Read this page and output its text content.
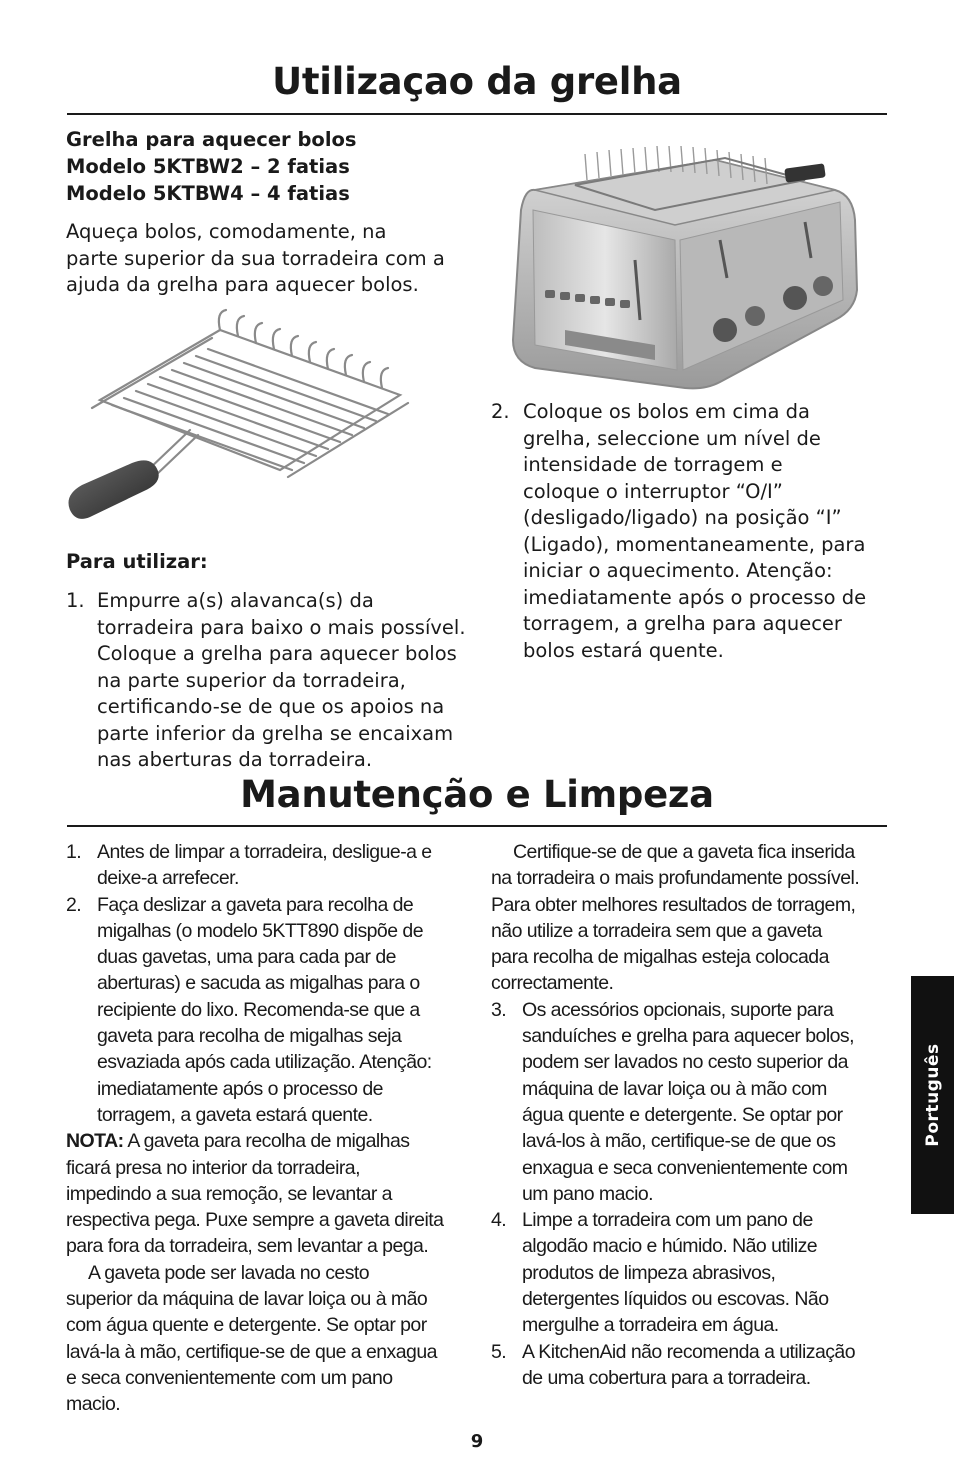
Utilizaçao da grelha
Grelha para aquecer bolos
Modelo 5KTBW2 – 2 fatias
Modelo 5KTBW4 – 4 fatias
Aqueça bolos, comodamente, na
parte superior da sua torradeira com a
ajuda da grelha para aquecer bolos.
Para utilizar:
1. Empurre a(s) alavanca(s) da
torradeira para baixo o mais possível.
Coloque a grelha para aquecer bolos
na parte superior da torradeira,
certificando-se de que os apoios na
parte inferior da grelha se encaixam
nas aberturas da torradeira.
2. Coloque os bolos em cima da
grelha, seleccione um nível de
intensidade de torragem e
coloque o interruptor “O/I”
(desligado/ligado) na posição “I”
(Ligado), momentaneamente, para
iniciar o aquecimento. Atenção:
imediatamente após o processo de
torragem, a grelha para aquecer
bolos estará quente.
Manutenção e Limpeza
1. Antes de limpar a torradeira, desligue-a e
deixe-a arrefecer.
2. Faça deslizar a gaveta para recolha de
migalhas (o modelo 5KTT890 dispõe de
duas gavetas, uma para cada par de
aberturas) e sacuda as migalhas para o
recipiente do lixo. Recomenda-se que a
gaveta para recolha de migalhas seja
esvaziada após cada utilização. Atenção:
imediatamente após o processo de
torragem, a gaveta estará quente.
NOTA: A gaveta para recolha de migalhas
ficará presa no interior da torradeira,
impedindo a sua remoção, se levantar a
respectiva pega. Puxe sempre a gaveta direita
para fora da torradeira, sem levantar a pega.
A gaveta pode ser lavada no cesto
superior da máquina de lavar loiça ou à mão
com água quente e detergente. Se optar por
lavá-la à mão, certifique-se de que a enxagua
e seca convenientemente com um pano
macio.
Certifique-se de que a gaveta fica inserida
na torradeira o mais profundamente possível.
Para obter melhores resultados de torragem,
não utilize a torradeira sem que a gaveta
para recolha de migalhas esteja colocada
correctamente.
3. Os acessórios opcionais, suporte para
sanduíches e grelha para aquecer bolos,
podem ser lavados no cesto superior da
máquina de lavar loiça ou à mão com
água quente e detergente. Se optar por
lavá-los à mão, certifique-se de que os
enxagua e seca convenientemente com
um pano macio.
4. Limpe a torradeira com um pano de
algodão macio e húmido. Não utilize
produtos de limpeza abrasivos,
detergentes líquidos ou escovas. Não
mergulhe a torradeira em água.
5. A KitchenAid não recomenda a utilização
de uma cobertura para a torradeira.
Português
9
